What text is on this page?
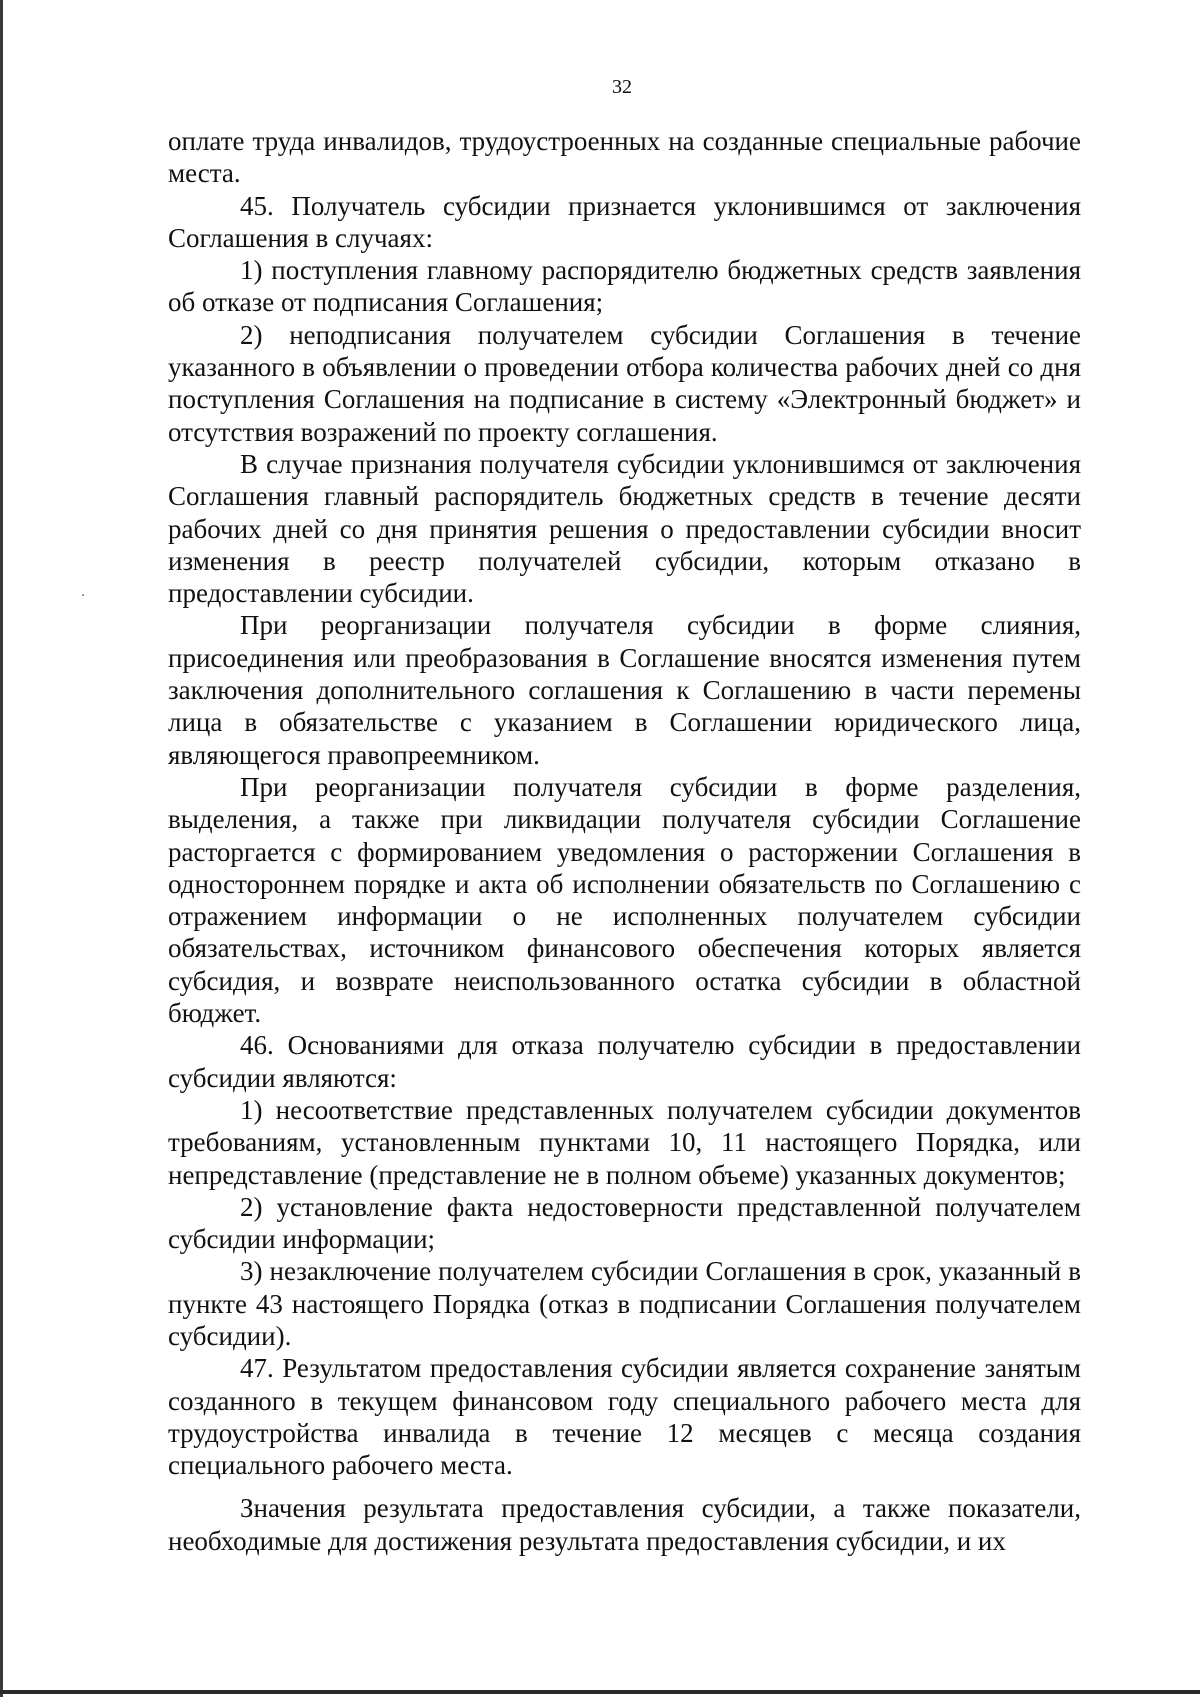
32

оплате труда инвалидов, трудоустроенных на созданные специальные рабочие места.

45. Получатель субсидии признается уклонившимся от заключения Соглашения в случаях:

1) поступления главному распорядителю бюджетных средств заявления об отказе от подписания Соглашения;

2) неподписания получателем субсидии Соглашения в течение указанного в объявлении о проведении отбора количества рабочих дней со дня поступления Соглашения на подписание в систему «Электронный бюджет» и отсутствия возражений по проекту соглашения.

В случае признания получателя субсидии уклонившимся от заключения Соглашения главный распорядитель бюджетных средств в течение десяти рабочих дней со дня принятия решения о предоставлении субсидии вносит изменения в реестр получателей субсидии, которым отказано в предоставлении субсидии.

При реорганизации получателя субсидии в форме слияния, присоединения или преобразования в Соглашение вносятся изменения путем заключения дополнительного соглашения к Соглашению в части перемены лица в обязательстве с указанием в Соглашении юридического лица, являющегося правопреемником.

При реорганизации получателя субсидии в форме разделения, выделения, а также при ликвидации получателя субсидии Соглашение расторгается с формированием уведомления о расторжении Соглашения в одностороннем порядке и акта об исполнении обязательств по Соглашению с отражением информации о не исполненных получателем субсидии обязательствах, источником финансового обеспечения которых является субсидия, и возврате неиспользованного остатка субсидии в областной бюджет.

46. Основаниями для отказа получателю субсидии в предоставлении субсидии являются:

1) несоответствие представленных получателем субсидии документов требованиям, установленным пунктами 10, 11 настоящего Порядка, или непредставление (представление не в полном объеме) указанных документов;

2) установление факта недостоверности представленной получателем субсидии информации;

3) незаключение получателем субсидии Соглашения в срок, указанный в пункте 43 настоящего Порядка (отказ в подписании Соглашения получателем субсидии).

47. Результатом предоставления субсидии является сохранение занятым созданного в текущем финансовом году специального рабочего места для трудоустройства инвалида в течение 12 месяцев с месяца создания специального рабочего места.

Значения результата предоставления субсидии, а также показатели, необходимые для достижения результата предоставления субсидии, и их
